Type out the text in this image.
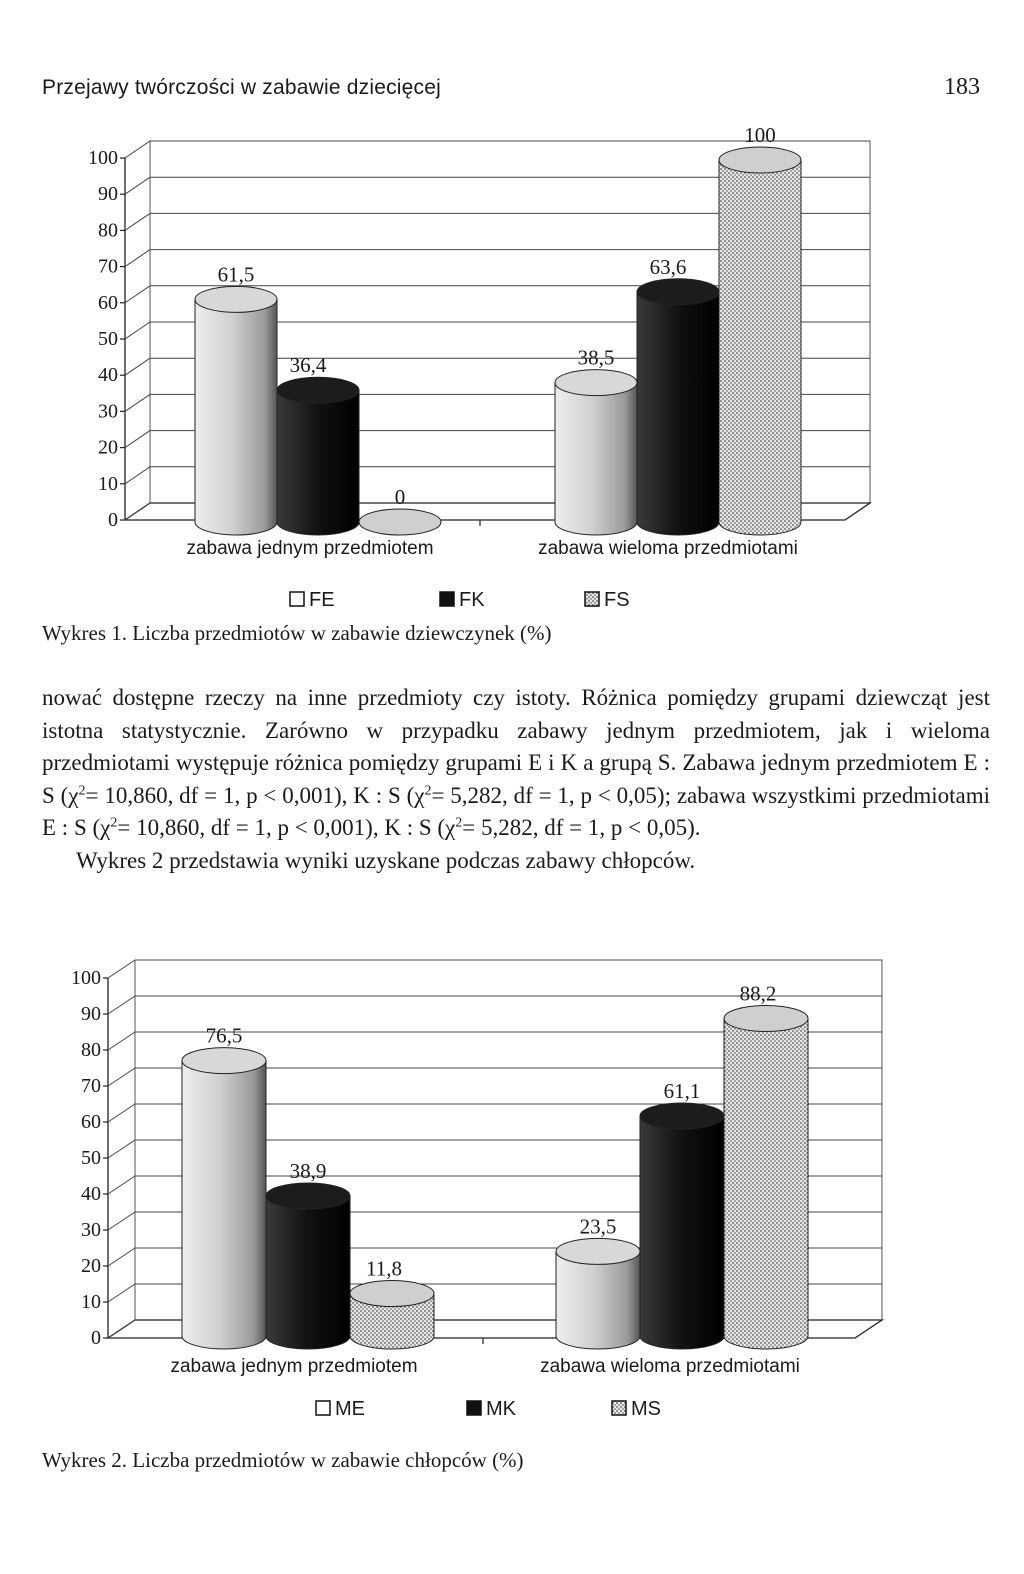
Przejawy twórczości w zabawie dziecięcej	183
0
10
20
30
40
50
60
70
80
90
100
61,5
36,4
0
zabawa jednym przedmiotem
38,5
63,6
100
zabawa wieloma przedmiotami
FE	FK	FS
Wykres 1. Liczba przedmiotów w zabawie dziewczynek (%)

nować dostępne rzeczy na inne przedmioty czy istoty. Różnica pomiędzy grupami dziewcząt jest istotna statystycznie. Zarówno w przypadku zabawy jednym przedmiotem, jak i wieloma przedmiotami występuje różnica pomiędzy grupami E i K a grupą S. Zabawa jednym przedmiotem E : S ($\chi^2= 10,860$, df = 1, p < 0,001), K : S ($\chi^2= 5,282$, df = 1, p < 0,05); zabawa wszystkimi przedmiotami E : S ($\chi^2= 10,860$, df = 1, p < 0,001), K : S ($\chi^2= 5,282$, df = 1, p < 0,05).

Wykres 2 przedstawia wyniki uzyskane podczas zabawy chłopców.

0
10
20
30
40
50
60
70
80
90
100
76,5
38,9
11,8
zabawa jednym przedmiotem
23,5
61,1
88,2
zabawa wieloma przedmiotami
ME	MK	MS
Wykres 2. Liczba przedmiotów w zabawie chłopców (%)
